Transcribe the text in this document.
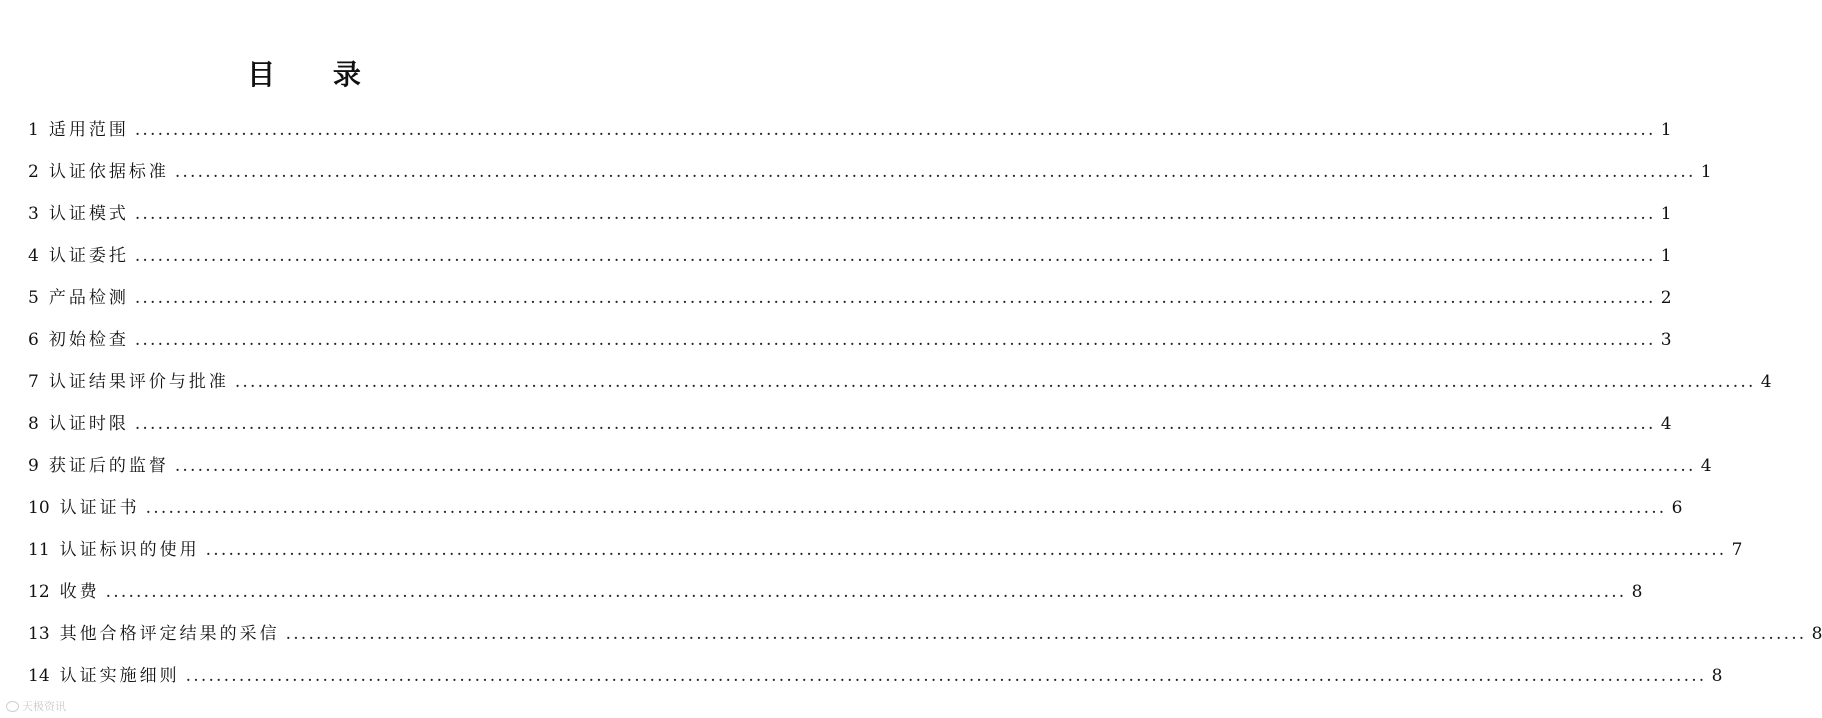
目 录
1 适用范围 ........................................................................................................................................................................................................ 1
2 认证依据标准 ........................................................................................................................................................................................................ 1
3 认证模式 ........................................................................................................................................................................................................ 1
4 认证委托 ........................................................................................................................................................................................................ 1
5 产品检测 ........................................................................................................................................................................................................ 2
6 初始检查 ........................................................................................................................................................................................................ 3
7 认证结果评价与批准 ........................................................................................................................................................................................................ 4
8 认证时限 ........................................................................................................................................................................................................ 4
9 获证后的监督 ........................................................................................................................................................................................................ 4
10 认证证书 ........................................................................................................................................................................................................ 6
11 认证标识的使用 ........................................................................................................................................................................................................ 7
12 收费 ........................................................................................................................................................................................................ 8
13 其他合格评定结果的采信 ........................................................................................................................................................................................................ 8
14 认证实施细则 ........................................................................................................................................................................................................ 8
天极资讯
